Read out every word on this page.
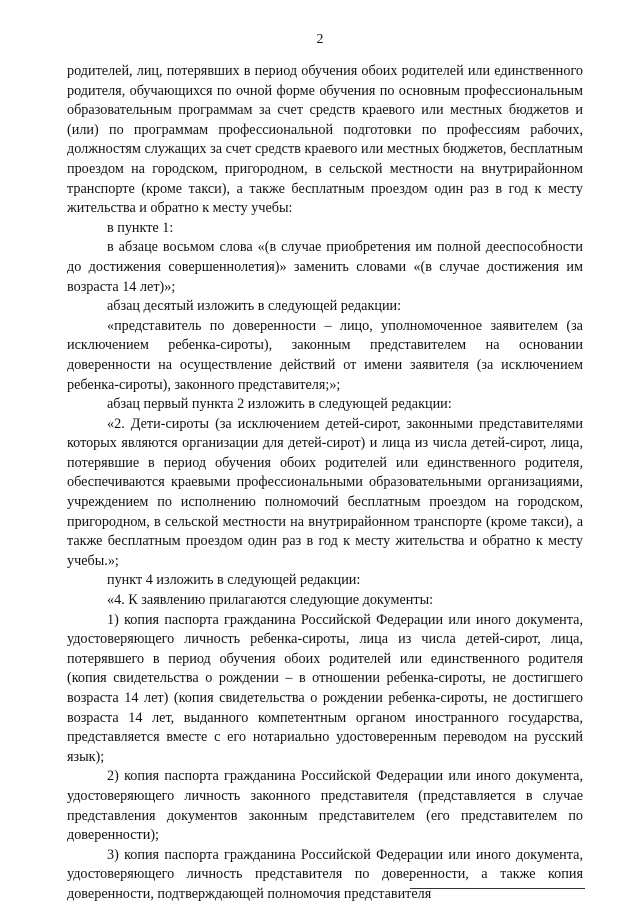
2

родителей, лиц, потерявших в период обучения обоих родителей или единственного родителя, обучающихся по очной форме обучения по основным профессиональным образовательным программам за счет средств краевого или местных бюджетов и (или) по программам профессиональной подготовки по профессиям рабочих, должностям служащих за счет средств краевого или местных бюджетов, бесплатным проездом на городском, пригородном, в сельской местности на внутрирайонном транспорте (кроме такси), а также бесплатным проездом один раз в год к месту жительства и обратно к месту учебы:

в пункте 1:

в абзаце восьмом слова «(в случае приобретения им полной дееспособности до достижения совершеннолетия)» заменить словами «(в случае достижения им возраста 14 лет)»;

абзац десятый изложить в следующей редакции:

«представитель по доверенности – лицо, уполномоченное заявителем (за исключением ребенка-сироты), законным представителем на основании доверенности на осуществление действий от имени заявителя (за исключением ребенка-сироты), законного представителя;»;

абзац первый пункта 2 изложить в следующей редакции:

«2. Дети-сироты (за исключением детей-сирот, законными представителями которых являются организации для детей-сирот) и лица из числа детей-сирот, лица, потерявшие в период обучения обоих родителей или единственного родителя, обеспечиваются краевыми профессиональными образовательными организациями, учреждением по исполнению полномочий бесплатным проездом на городском, пригородном, в сельской местности на внутрирайонном транспорте (кроме такси), а также бесплатным проездом один раз в год к месту жительства и обратно к месту учебы.»;

пункт 4 изложить в следующей редакции:

«4. К заявлению прилагаются следующие документы:

1) копия паспорта гражданина Российской Федерации или иного документа, удостоверяющего личность ребенка-сироты, лица из числа детей-сирот, лица, потерявшего в период обучения обоих родителей или единственного родителя (копия свидетельства о рождении – в отношении ребенка-сироты, не достигшего возраста 14 лет) (копия свидетельства о рождении ребенка-сироты, не достигшего возраста 14 лет, выданного компетентным органом иностранного государства, представляется вместе с его нотариально удостоверенным переводом на русский язык);

2) копия паспорта гражданина Российской Федерации или иного документа, удостоверяющего личность законного представителя (представляется в случае представления документов законным представителем (его представителем по доверенности);

3) копия паспорта гражданина Российской Федерации или иного документа, удостоверяющего личность представителя по доверенности, а также копия доверенности, подтверждающей полномочия представителя
